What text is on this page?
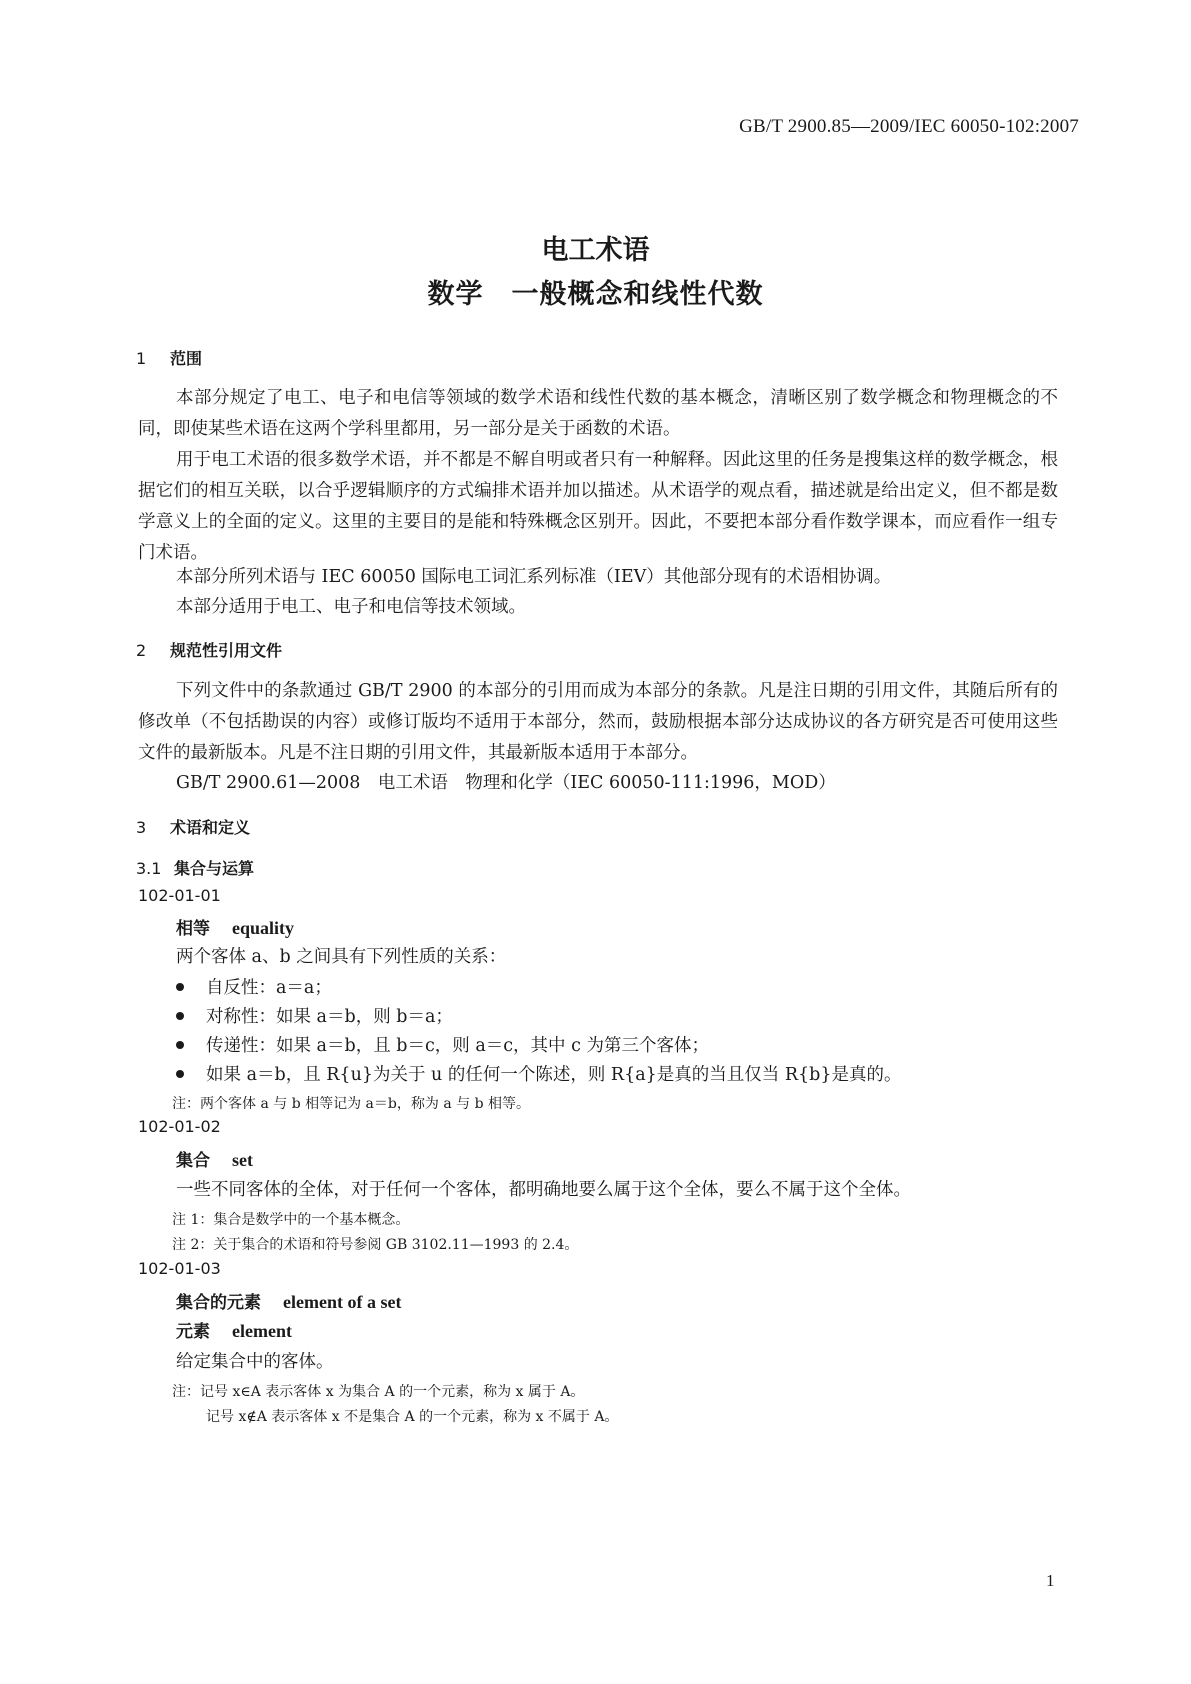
GB/T 2900.85—2009/IEC 60050-102:2007
电工术语
数学　一般概念和线性代数
1 范围
本部分规定了电工、电子和电信等领域的数学术语和线性代数的基本概念，清晰区别了数学概念和物理概念的不同，即使某些术语在这两个学科里都用，另一部分是关于函数的术语。
用于电工术语的很多数学术语，并不都是不解自明或者只有一种解释。因此这里的任务是搜集这样的数学概念，根据它们的相互关联，以合乎逻辑顺序的方式编排术语并加以描述。从术语学的观点看，描述就是给出定义，但不都是数学意义上的全面的定义。这里的主要目的是能和特殊概念区别开。因此，不要把本部分看作数学课本，而应看作一组专门术语。
本部分所列术语与 IEC 60050 国际电工词汇系列标准（IEV）其他部分现有的术语相协调。
本部分适用于电工、电子和电信等技术领域。
2 规范性引用文件
下列文件中的条款通过 GB/T 2900 的本部分的引用而成为本部分的条款。凡是注日期的引用文件，其随后所有的修改单（不包括勘误的内容）或修订版均不适用于本部分，然而，鼓励根据本部分达成协议的各方研究是否可使用这些文件的最新版本。凡是不注日期的引用文件，其最新版本适用于本部分。
GB/T 2900.61—2008　电工术语　物理和化学（IEC 60050-111:1996，MOD）
3 术语和定义
3.1 集合与运算
102-01-01
相等 equality
两个客体 a、b 之间具有下列性质的关系：
自反性：a＝a；
对称性：如果 a＝b，则 b＝a；
传递性：如果 a＝b，且 b＝c，则 a＝c，其中 c 为第三个客体；
如果 a＝b，且 R{u}为关于 u 的任何一个陈述，则 R{a}是真的当且仅当 R{b}是真的。
注：两个客体 a 与 b 相等记为 a＝b，称为 a 与 b 相等。
102-01-02
集合 set
一些不同客体的全体，对于任何一个客体，都明确地要么属于这个全体，要么不属于这个全体。
注 1：集合是数学中的一个基本概念。
注 2：关于集合的术语和符号参阅 GB 3102.11—1993 的 2.4。
102-01-03
集合的元素 element of a set
元素 element
给定集合中的客体。
注：记号 x∈A 表示客体 x 为集合 A 的一个元素，称为 x 属于 A。
记号 x∉A 表示客体 x 不是集合 A 的一个元素，称为 x 不属于 A。
1
